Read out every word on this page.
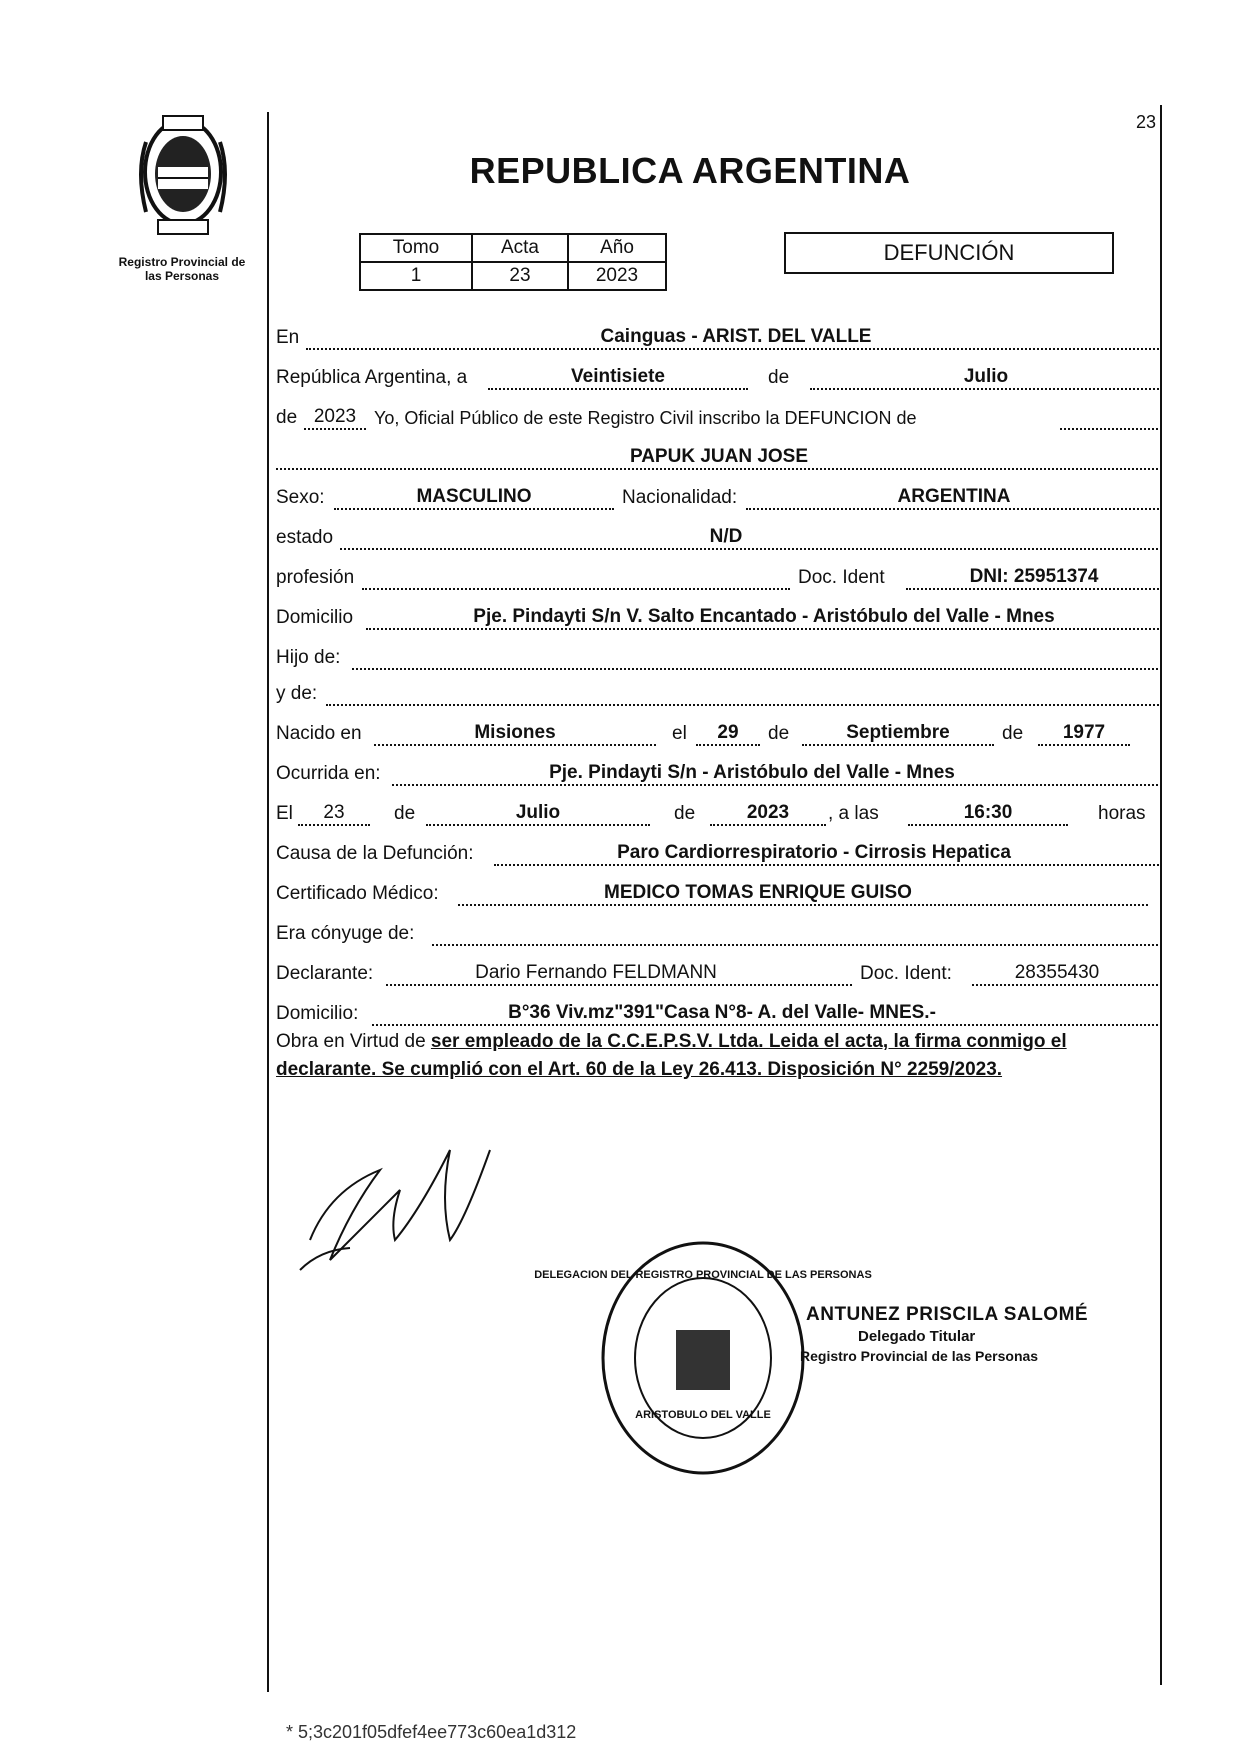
Registro Provincial de
las Personas
23
REPUBLICA ARGENTINA
Tomo	Acta	Año
1	23	2023
DEFUNCIÓN
En	Cainguas - ARIST. DEL VALLE
República Argentina, a	Veintisiete	de	Julio
de 2023 Yo, Oficial Público de este Registro Civil inscribo la DEFUNCION de
PAPUK JUAN JOSE
Sexo:	MASCULINO	Nacionalidad:	ARGENTINA
estado	N/D
profesión	Doc. Ident	DNI: 25951374
Domicilio	Pje. Pindayti S/n V. Salto Encantado - Aristóbulo del Valle - Mnes
Hijo de:
y de:
Nacido en	Misiones	el	29	de	Septiembre	de	1977
Ocurrida en:	Pje. Pindayti S/n - Aristóbulo del Valle - Mnes
El	23	de	Julio	de	2023	, a las	16:30	horas
Causa de la Defunción:	Paro Cardiorrespiratorio - Cirrosis Hepatica
Certificado Médico:	MEDICO TOMAS ENRIQUE GUISO
Era cónyuge de:
Declarante:	Dario Fernando FELDMANN	Doc. Ident:	28355430
Domicilio:	B°36 Viv.mz"391"Casa N°8- A. del Valle- MNES.-
Obra en Virtud de ser empleado de la C.C.E.P.S.V. Ltda. Leida el acta, la firma conmigo el declarante. Se cumplió con el Art. 60 de la Ley 26.413. Disposición N° 2259/2023.
DELEGACION DEL REGISTRO PROVINCIAL DE LAS PERSONAS
ARISTOBULO DEL VALLE
ANTUNEZ PRISCILA SALOMÉ
Delegado Titular
Registro Provincial de las Personas
* 5;3c201f05dfef4ee773c60ea1d312
